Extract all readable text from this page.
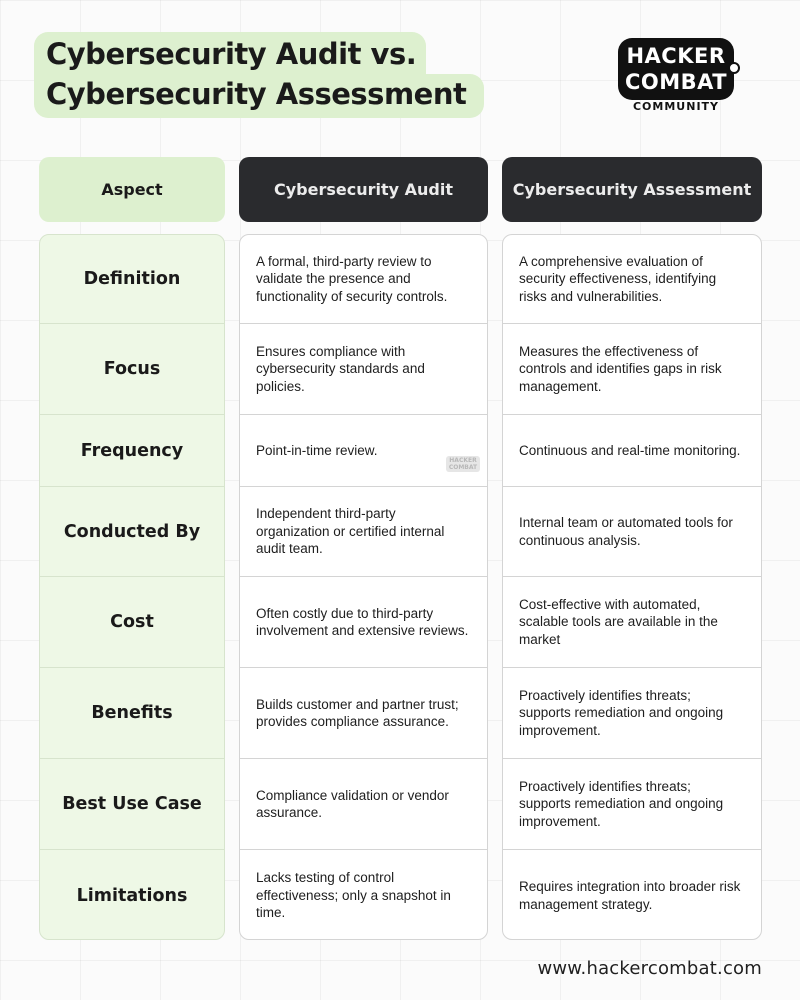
Cybersecurity Audit vs.
Cybersecurity Assessment
HACKER
COMBAT
COMMUNITY
Aspect	Cybersecurity Audit	Cybersecurity Assessment
Definition
Focus
Frequency
Conducted By
Cost
Benefits
Best Use Case
Limitations
A formal, third-party review to validate the presence and functionality of security controls.
Ensures compliance with cybersecurity standards and policies.
Point-in-time review.
Independent third-party organization or certified internal audit team.
Often costly due to third-party involvement and extensive reviews.
Builds customer and partner trust; provides compliance assurance.
Compliance validation or vendor assurance.
Lacks testing of control effectiveness; only a snapshot in time.
A comprehensive evaluation of security effectiveness, identifying risks and vulnerabilities.
Measures the effectiveness of controls and identifies gaps in risk management.
Continuous and real-time monitoring.
Internal team or automated tools for continuous analysis.
Cost-effective with automated, scalable tools are available in the market
Proactively identifies threats; supports remediation and ongoing improvement.
Proactively identifies threats; supports remediation and ongoing improvement.
Requires integration into broader risk management strategy.
HACKER
COMBAT
www.hackercombat.com
